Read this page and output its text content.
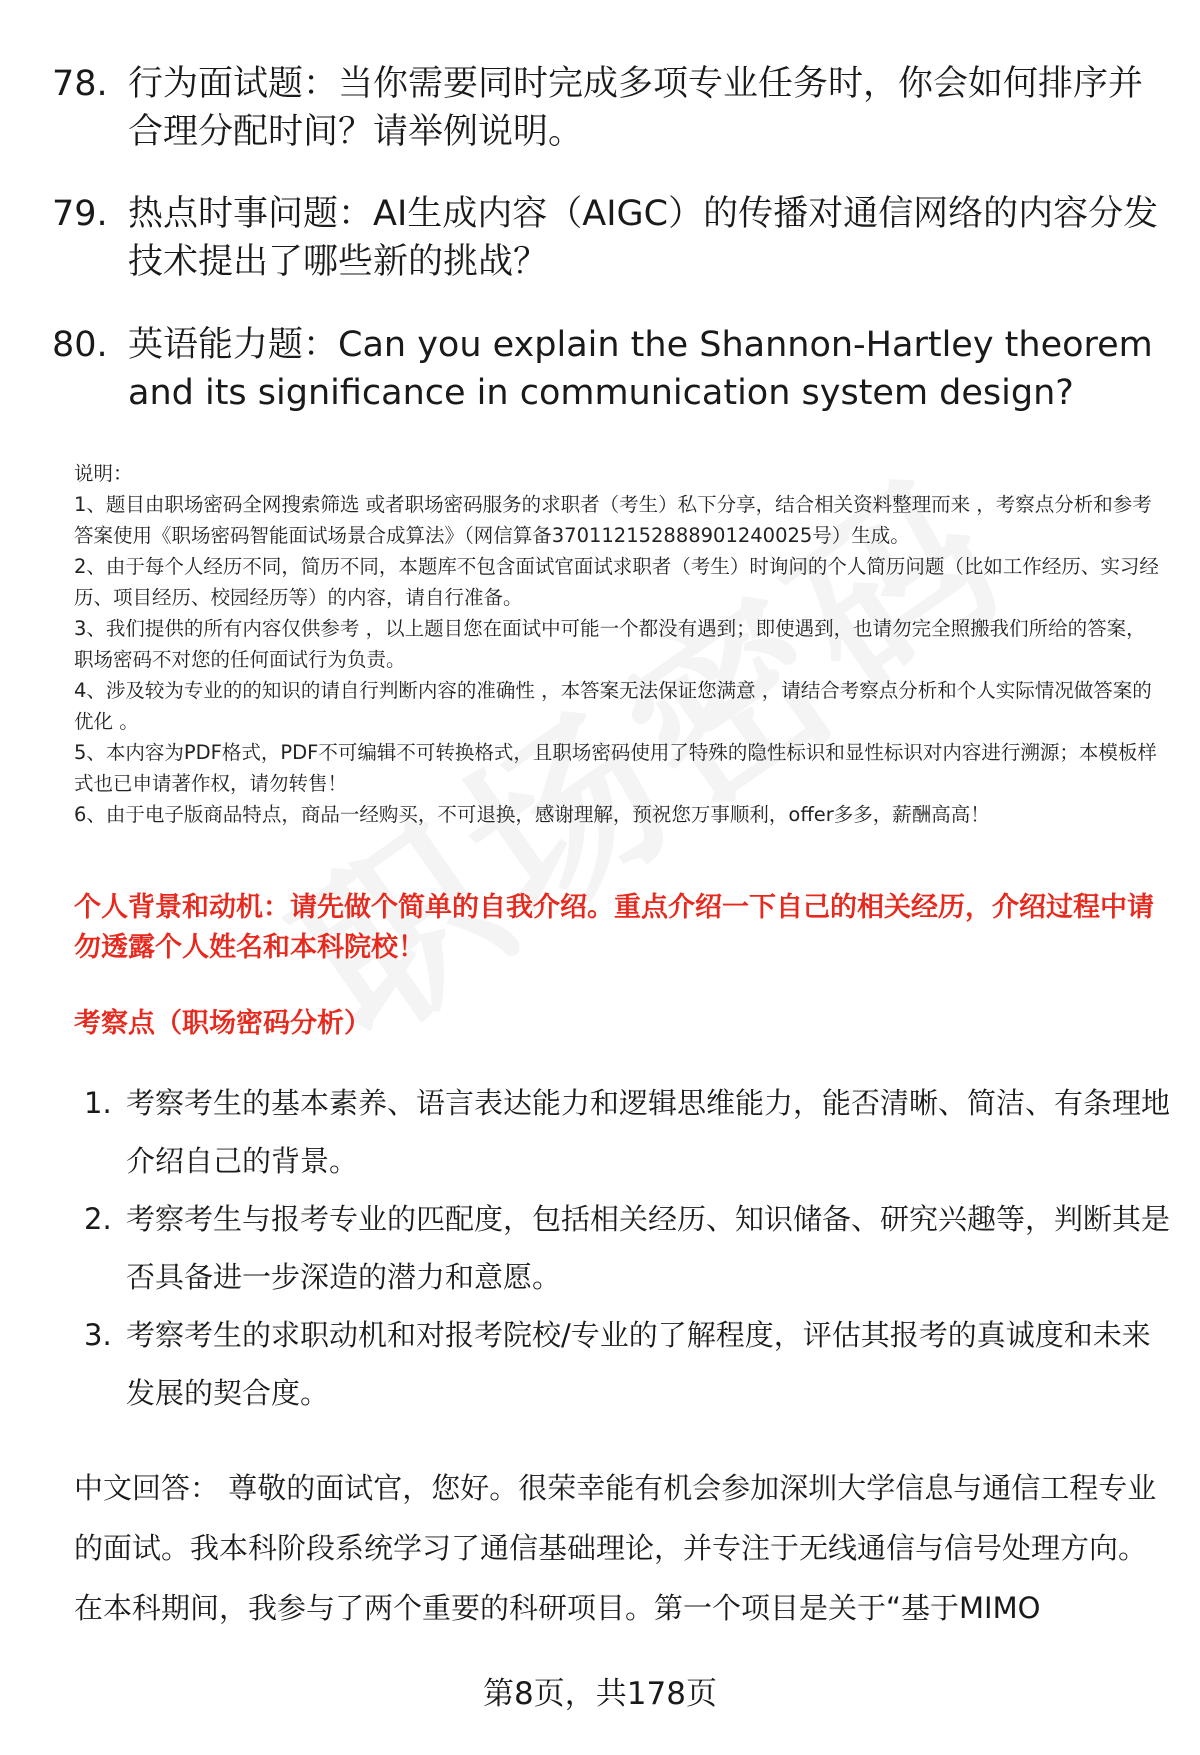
78. 行为面试题：当你需要同时完成多项专业任务时，你会如何排序并合理分配时间？请举例说明。
79. 热点时事问题：AI生成内容（AIGC）的传播对通信网络的内容分发技术提出了哪些新的挑战？
80. 英语能力题：Can you explain the Shannon-Hartley theorem and its significance in communication system design?

说明：

1、题目由职场密码全网搜索筛选 或者职场密码服务的求职者（考生）私下分享，结合相关资料整理而来 ，考察点分析和参考答案使用《职场密码智能面试场景合成算法》（网信算备370112152888901240025号）生成。

2、由于每个人经历不同，简历不同，本题库不包含面试官面试求职者（考生）时询问的个人简历问题（比如工作经历、实习经历、项目经历、校园经历等）的内容，请自行准备。

3、我们提供的所有内容仅供参考 ，以上题目您在面试中可能一个都没有遇到；即使遇到，也请勿完全照搬我们所给的答案，职场密码不对您的任何面试行为负责。

4、涉及较为专业的的知识的请自行判断内容的准确性 ，本答案无法保证您满意 ，请结合考察点分析和个人实际情况做答案的优化 。

5、本内容为PDF格式，PDF不可编辑不可转换格式，且职场密码使用了特殊的隐性标识和显性标识对内容进行溯源；本模板样式也已申请著作权，请勿转售！

6、由于电子版商品特点，商品一经购买，不可退换，感谢理解，预祝您万事顺利，offer多多，薪酬高高！

个人背景和动机：请先做个简单的自我介绍。重点介绍一下自己的相关经历，介绍过程中请勿透露个人姓名和本科院校！
考察点（职场密码分析）
1. 考察考生的基本素养、语言表达能力和逻辑思维能力，能否清晰、简洁、有条理地介绍自己的背景。
2. 考察考生与报考专业的匹配度，包括相关经历、知识储备、研究兴趣等，判断其是否具备进一步深造的潜力和意愿。
3. 考察考生的求职动机和对报考院校/专业的了解程度，评估其报考的真诚度和未来发展的契合度。
中文回答： 尊敬的面试官，您好。很荣幸能有机会参加深圳大学信息与通信工程专业的面试。我本科阶段系统学习了通信基础理论，并专注于无线通信与信号处理方向。在本科期间，我参与了两个重要的科研项目。第一个项目是关于“基于MIMO
第8页，共178页
